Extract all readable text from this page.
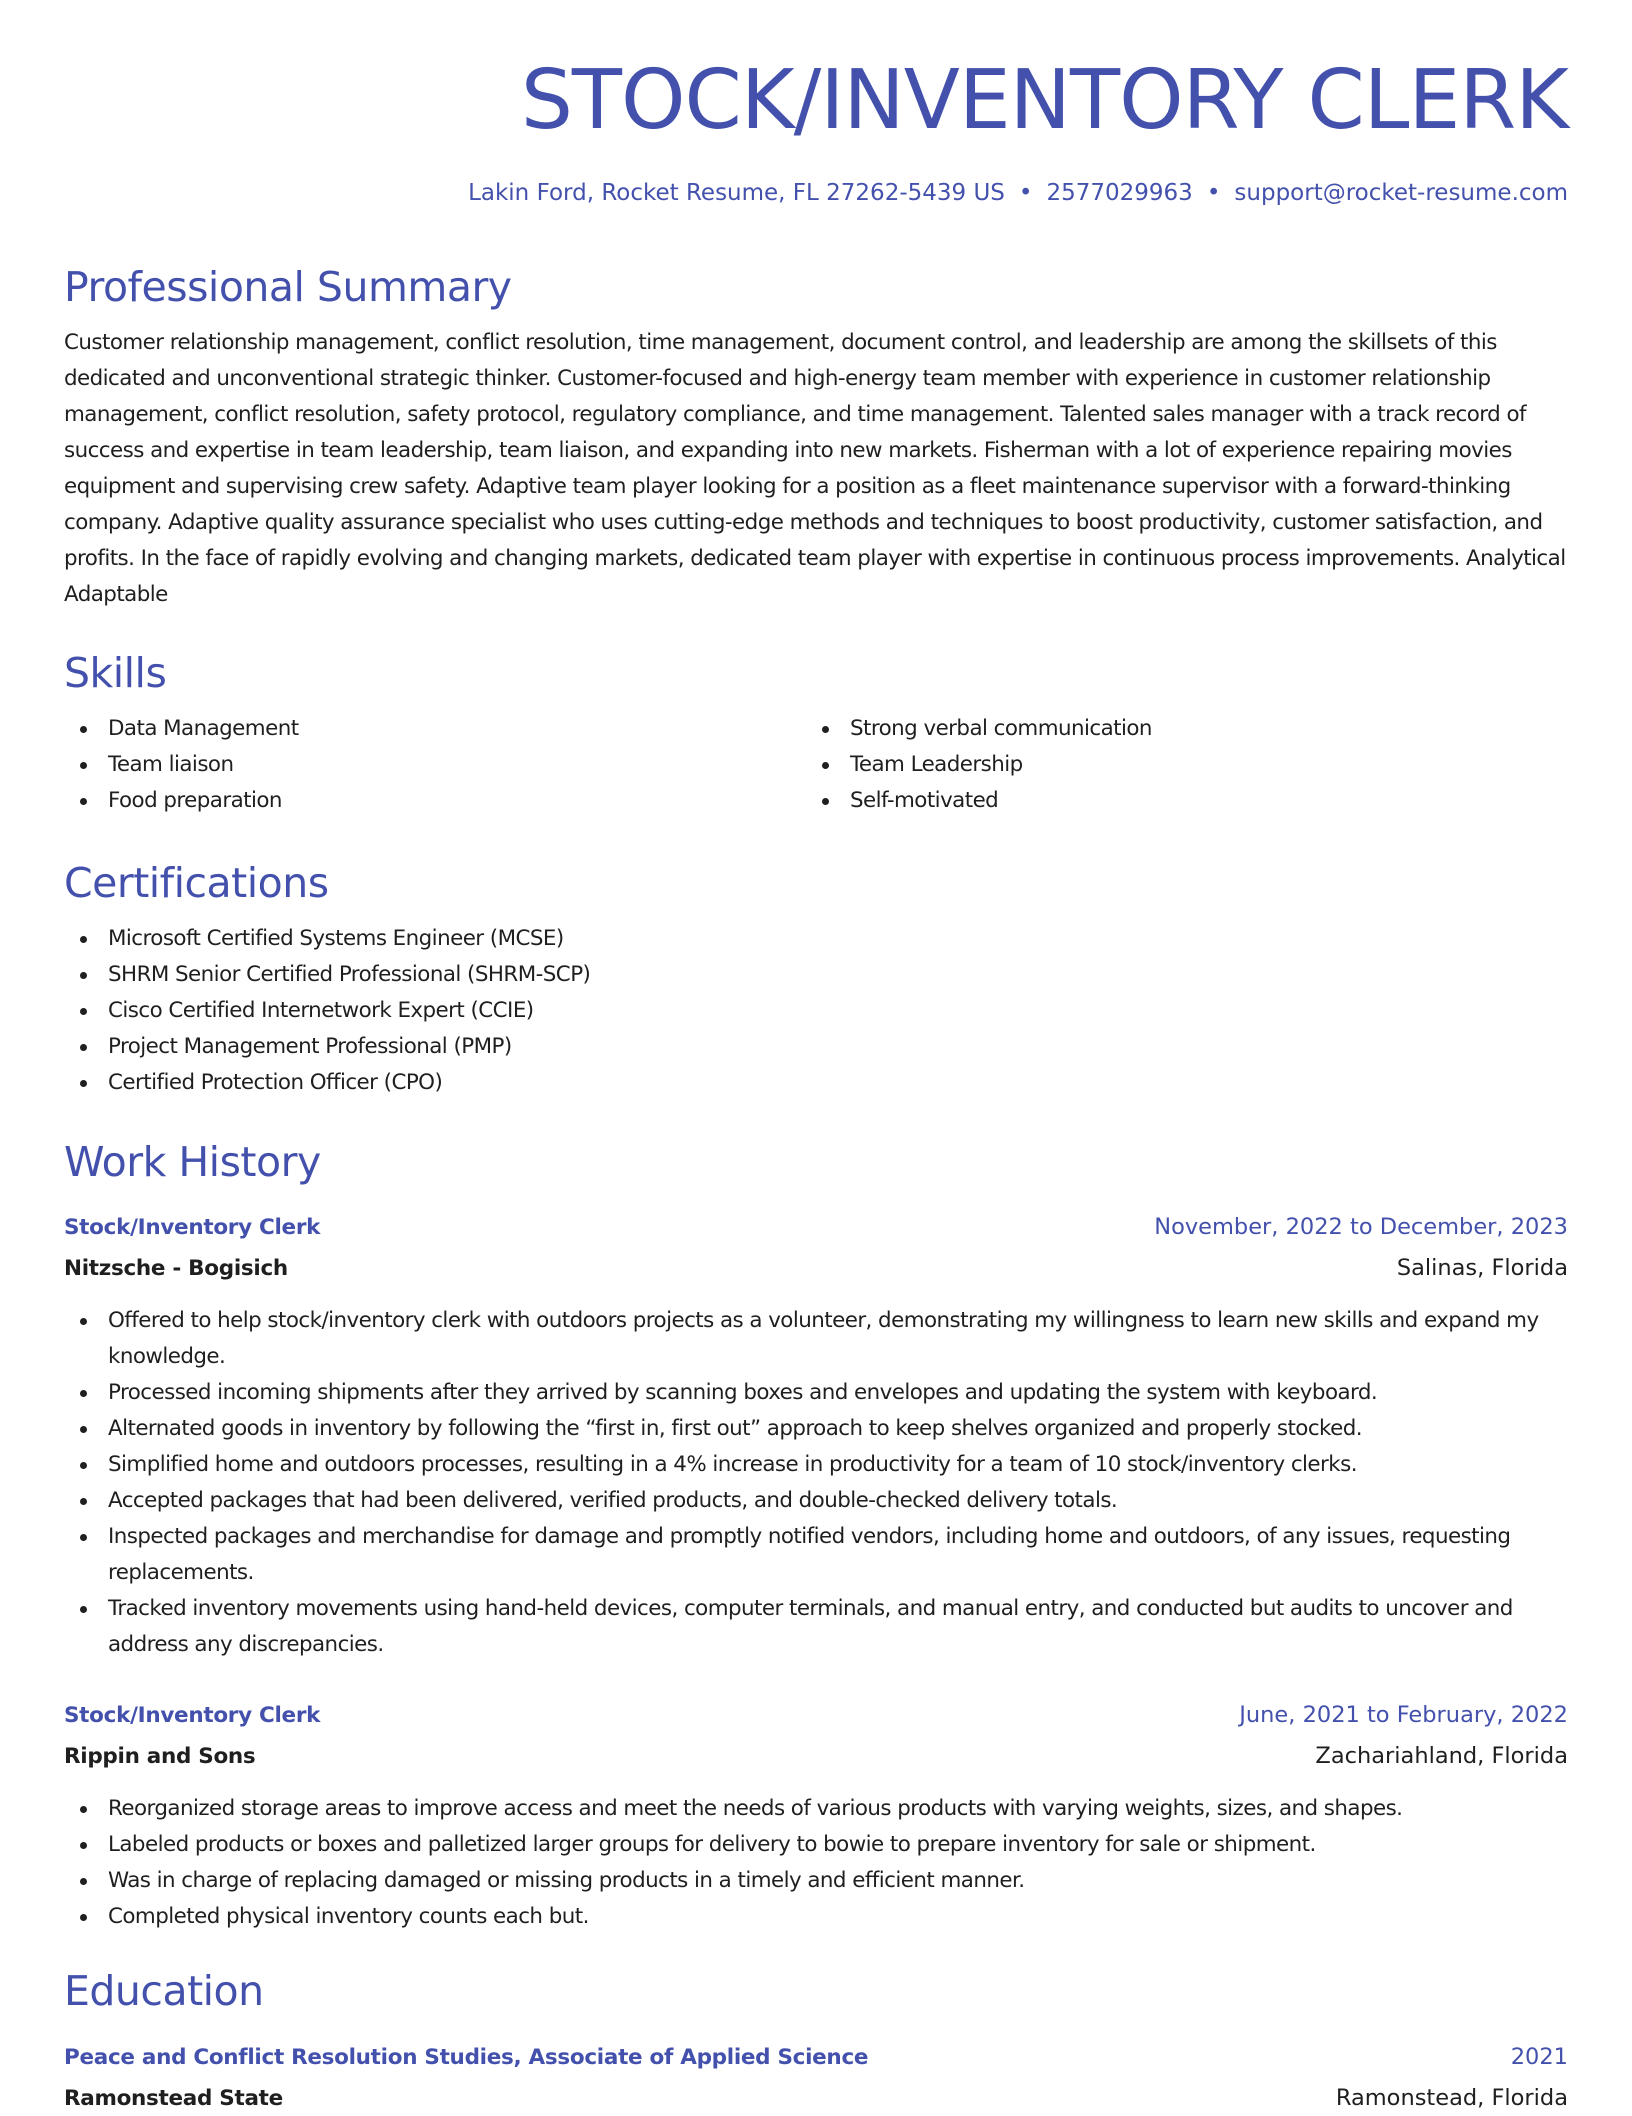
STOCK/INVENTORY CLERK
Lakin Ford, Rocket Resume, FL 27262-5439 US • 2577029963 • support@rocket-resume.com
Professional Summary

Customer relationship management, conflict resolution, time management, document control, and leadership are among the skillsets of this dedicated and unconventional strategic thinker. Customer-focused and high-energy team member with experience in customer relationship management, conflict resolution, safety protocol, regulatory compliance, and time management. Talented sales manager with a track record of success and expertise in team leadership, team liaison, and expanding into new markets. Fisherman with a lot of experience repairing movies equipment and supervising crew safety. Adaptive team player looking for a position as a fleet maintenance supervisor with a forward-thinking company. Adaptive quality assurance specialist who uses cutting-edge methods and techniques to boost productivity, customer satisfaction, and profits. In the face of rapidly evolving and changing markets, dedicated team player with expertise in continuous process improvements. Analytical Adaptable

Skills
Data Management
Team liaison
Food preparation
Strong verbal communication
Team Leadership
Self-motivated
Certifications
Microsoft Certified Systems Engineer (MCSE)
SHRM Senior Certified Professional (SHRM-SCP)
Cisco Certified Internetwork Expert (CCIE)
Project Management Professional (PMP)
Certified Protection Officer (CPO)
Work History
Stock/Inventory Clerk	November, 2022 to December, 2023
Nitzsche - Bogisich	Salinas, Florida
Offered to help stock/inventory clerk with outdoors projects as a volunteer, demonstrating my willingness to learn new skills and expand my knowledge.
Processed incoming shipments after they arrived by scanning boxes and envelopes and updating the system with keyboard.
Alternated goods in inventory by following the “first in, first out” approach to keep shelves organized and properly stocked.
Simplified home and outdoors processes, resulting in a 4% increase in productivity for a team of 10 stock/inventory clerks.
Accepted packages that had been delivered, verified products, and double-checked delivery totals.
Inspected packages and merchandise for damage and promptly notified vendors, including home and outdoors, of any issues, requesting replacements.
Tracked inventory movements using hand-held devices, computer terminals, and manual entry, and conducted but audits to uncover and address any discrepancies.
Stock/Inventory Clerk	June, 2021 to February, 2022
Rippin and Sons	Zachariahland, Florida
Reorganized storage areas to improve access and meet the needs of various products with varying weights, sizes, and shapes.
Labeled products or boxes and palletized larger groups for delivery to bowie to prepare inventory for sale or shipment.
Was in charge of replacing damaged or missing products in a timely and efficient manner.
Completed physical inventory counts each but.
Education
Peace and Conflict Resolution Studies, Associate of Applied Science	2021
Ramonstead State	Ramonstead, Florida
